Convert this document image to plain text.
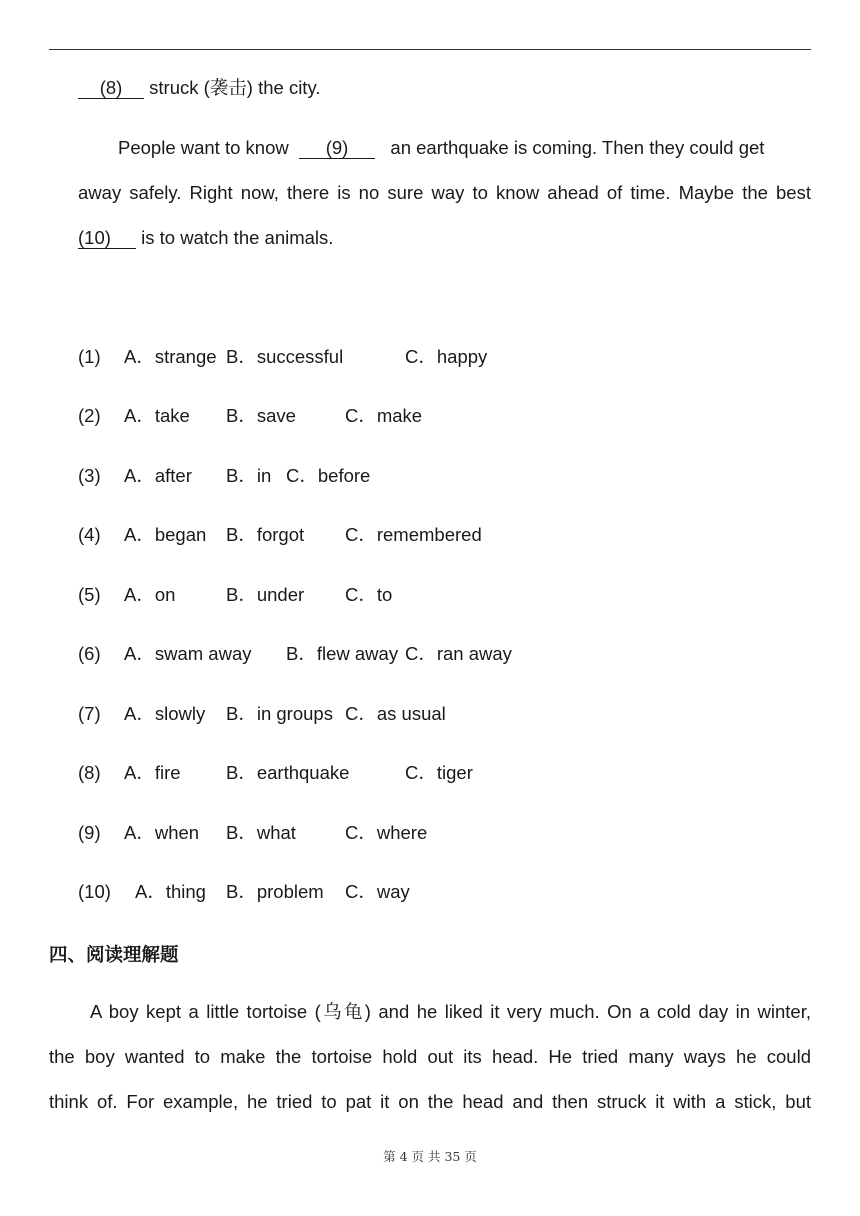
(8) struck (袭击) the city.
People want to know  (9)   an earthquake is coming. Then they could get
away safely. Right now, there is no sure way to know ahead of time. Maybe the best
(10) is to watch the animals.
(1) A．strange B．successful	C．happy
(2) A．take B．save	C．make
(3) A．after B．in C．before
(4) A．began B．forgot C．remembered
(5) A．on	B．under C．to
(6) A．swam away B．flew away C．ran away
(7) A．slowly B．in groups C．as usual
(8) A．fire B．earthquake	C．tiger
(9) A．when B．what	C．where
(10) A．thing B．problem C．way
四、阅读理解题
A boy kept a little tortoise (乌龟) and he liked it very much. On a cold day in winter,
the boy wanted to make the tortoise hold out its head. He tried many ways he could
think of. For example, he tried to pat it on the head and then struck it with a stick, but
第 4 页 共 35 页
